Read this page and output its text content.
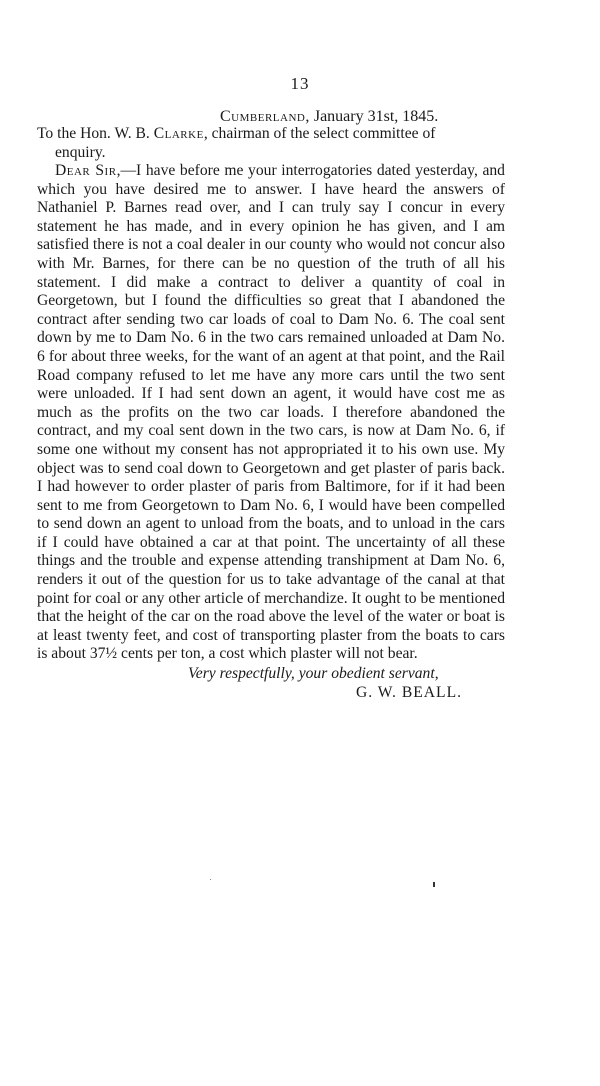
13
Cumberland, January 31st, 1845.
To the Hon. W. B. Clarke, chairman of the select committee of
enquiry.
Dear Sir,—I have before me your interrogatories dated yesterday, and which you have desired me to answer. I have heard the answers of Nathaniel P. Barnes read over, and I can truly say I concur in every statement he has made, and in every opinion he has given, and I am satisfied there is not a coal dealer in our county who would not concur also with Mr. Barnes, for there can be no question of the truth of all his statement. I did make a contract to deliver a quantity of coal in Georgetown, but I found the difficulties so great that I abandoned the contract after sending two car loads of coal to Dam No. 6. The coal sent down by me to Dam No. 6 in the two cars remained unloaded at Dam No. 6 for about three weeks, for the want of an agent at that point, and the Rail Road company refused to let me have any more cars until the two sent were unloaded. If I had sent down an agent, it would have cost me as much as the profits on the two car loads. I therefore abandoned the contract, and my coal sent down in the two cars, is now at Dam No. 6, if some one without my consent has not appropriated it to his own use. My object was to send coal down to Georgetown and get plaster of paris back. I had however to order plaster of paris from Baltimore, for if it had been sent to me from Georgetown to Dam No. 6, I would have been compelled to send down an agent to unload from the boats, and to unload in the cars if I could have obtained a car at that point. The uncertainty of all these things and the trouble and expense attending transhipment at Dam No. 6, renders it out of the question for us to take advantage of the canal at that point for coal or any other article of merchandize. It ought to be mentioned that the height of the car on the road above the level of the water or boat is at least twenty feet, and cost of transporting plaster from the boats to cars is about 37½ cents per ton, a cost which plaster will not bear.
Very respectfully, your obedient servant,
G. W. BEALL.
